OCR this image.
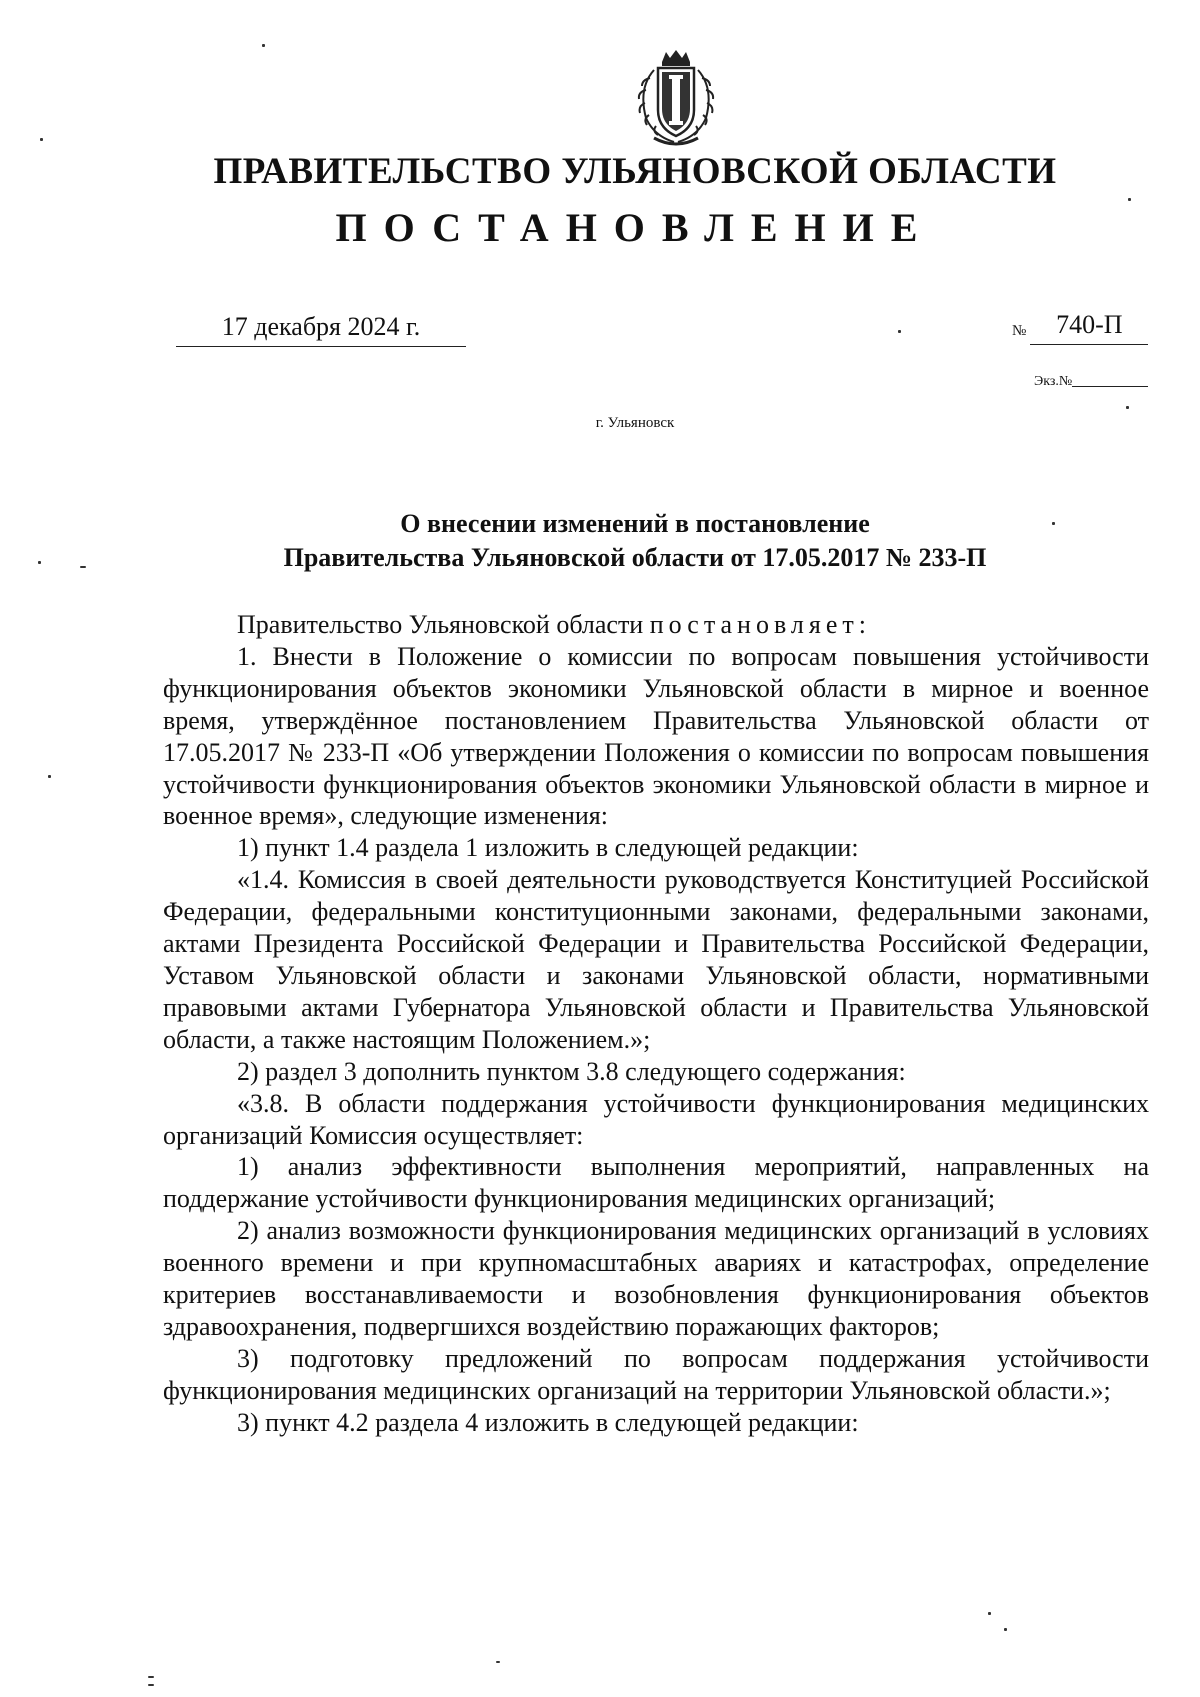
ПРАВИТЕЛЬСТВО УЛЬЯНОВСКОЙ ОБЛАСТИ
ПОСТАНОВЛЕНИЕ
17 декабря 2024 г.	№ 740-П
Экз.№
г. Ульяновск
О внесении изменений в постановление
Правительства Ульяновской области от 17.05.2017 № 233-П

Правительство Ульяновской области постановляет:

1. Внести в Положение о комиссии по вопросам повышения устойчивости функционирования объектов экономики Ульяновской области в мирное и военное время, утверждённое постановлением Правительства Ульяновской области от 17.05.2017 № 233-П «Об утверждении Положения о комиссии по вопросам повышения устойчивости функционирования объектов экономики Ульяновской области в мирное и военное время», следующие изменения:

1) пункт 1.4 раздела 1 изложить в следующей редакции:

«1.4. Комиссия в своей деятельности руководствуется Конституцией Российской Федерации, федеральными конституционными законами, федеральными законами, актами Президента Российской Федерации и Правительства Российской Федерации, Уставом Ульяновской области и законами Ульяновской области, нормативными правовыми актами Губернатора Ульяновской области и Правительства Ульяновской области, а также настоящим Положением.»;

2) раздел 3 дополнить пунктом 3.8 следующего содержания:

«3.8. В области поддержания устойчивости функционирования медицинских организаций Комиссия осуществляет:

1) анализ эффективности выполнения мероприятий, направленных на поддержание устойчивости функционирования медицинских организаций;

2) анализ возможности функционирования медицинских организаций в условиях военного времени и при крупномасштабных авариях и катастрофах, определение критериев восстанавливаемости и возобновления функционирования объектов здравоохранения, подвергшихся воздействию поражающих факторов;

3) подготовку предложений по вопросам поддержания устойчивости функционирования медицинских организаций на территории Ульяновской области.»;

3) пункт 4.2 раздела 4 изложить в следующей редакции:
